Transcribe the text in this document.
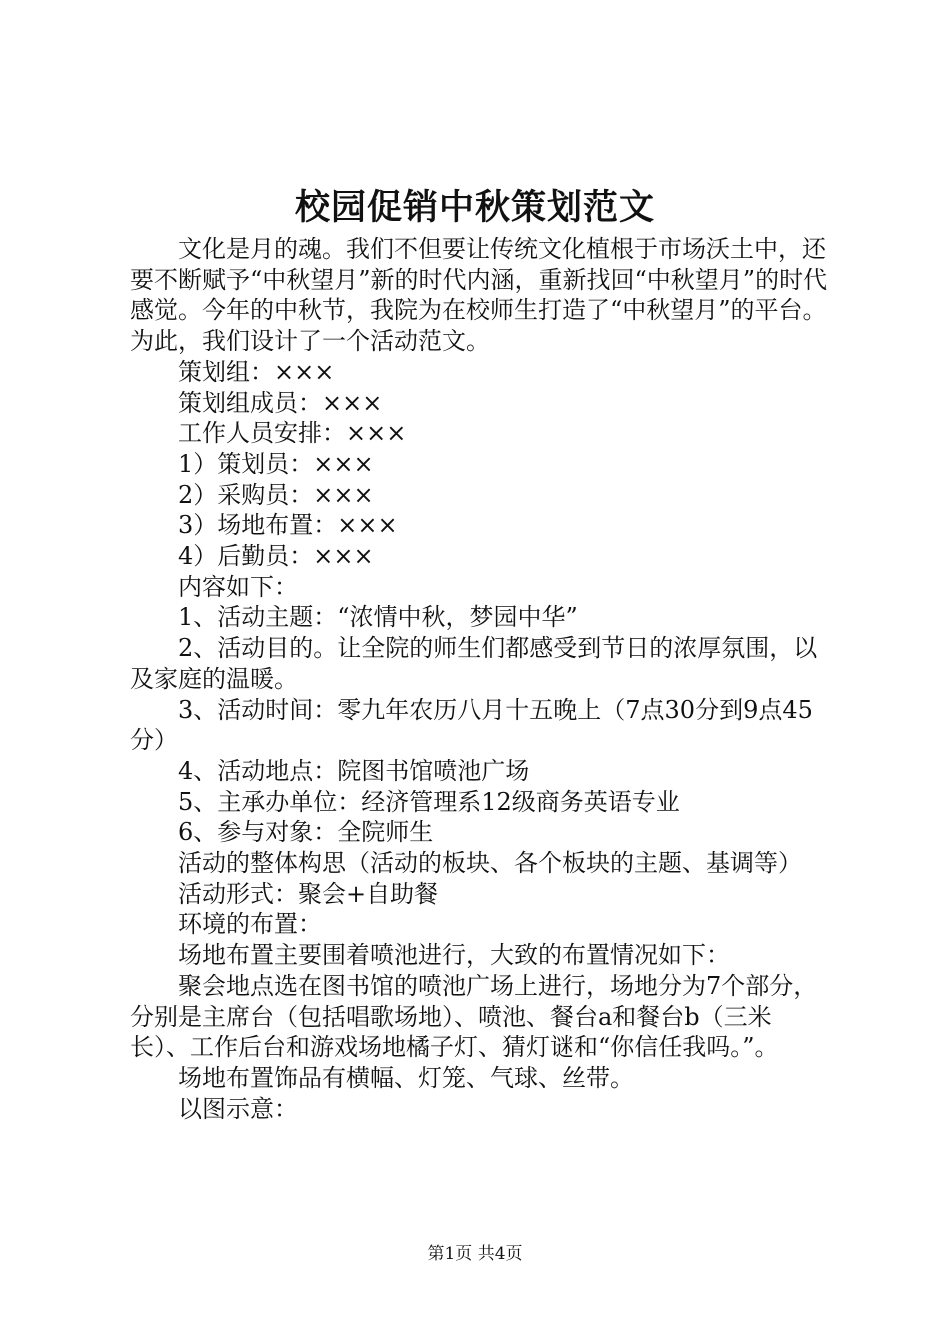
校园促销中秋策划范文

文化是月的魂。我们不但要让传统文化植根于市场沃土中，还要不断赋予“中秋望月”新的时代内涵，重新找回“中秋望月”的时代感觉。今年的中秋节，我院为在校师生打造了“中秋望月”的平台。为此，我们设计了一个活动范文。

策划组：×××

策划组成员：×××

工作人员安排：×××

1）策划员：×××

2）采购员：×××

3）场地布置：×××

4）后勤员：×××

内容如下：

1、活动主题：“浓情中秋，梦园中华”

2、活动目的。让全院的师生们都感受到节日的浓厚氛围，以及家庭的温暖。

3、活动时间：零九年农历八月十五晚上（7点30分到9点45分）

4、活动地点：院图书馆喷池广场

5、主承办单位：经济管理系12级商务英语专业

6、参与对象：全院师生

活动的整体构思（活动的板块、各个板块的主题、基调等）

活动形式：聚会+自助餐

环境的布置：

场地布置主要围着喷池进行，大致的布置情况如下：

聚会地点选在图书馆的喷池广场上进行，场地分为7个部分，分别是主席台（包括唱歌场地）、喷池、餐台a和餐台b（三米长）、工作后台和游戏场地橘子灯、猜灯谜和“你信任我吗。”。

场地布置饰品有横幅、灯笼、气球、丝带。

以图示意：

第1页 共4页
